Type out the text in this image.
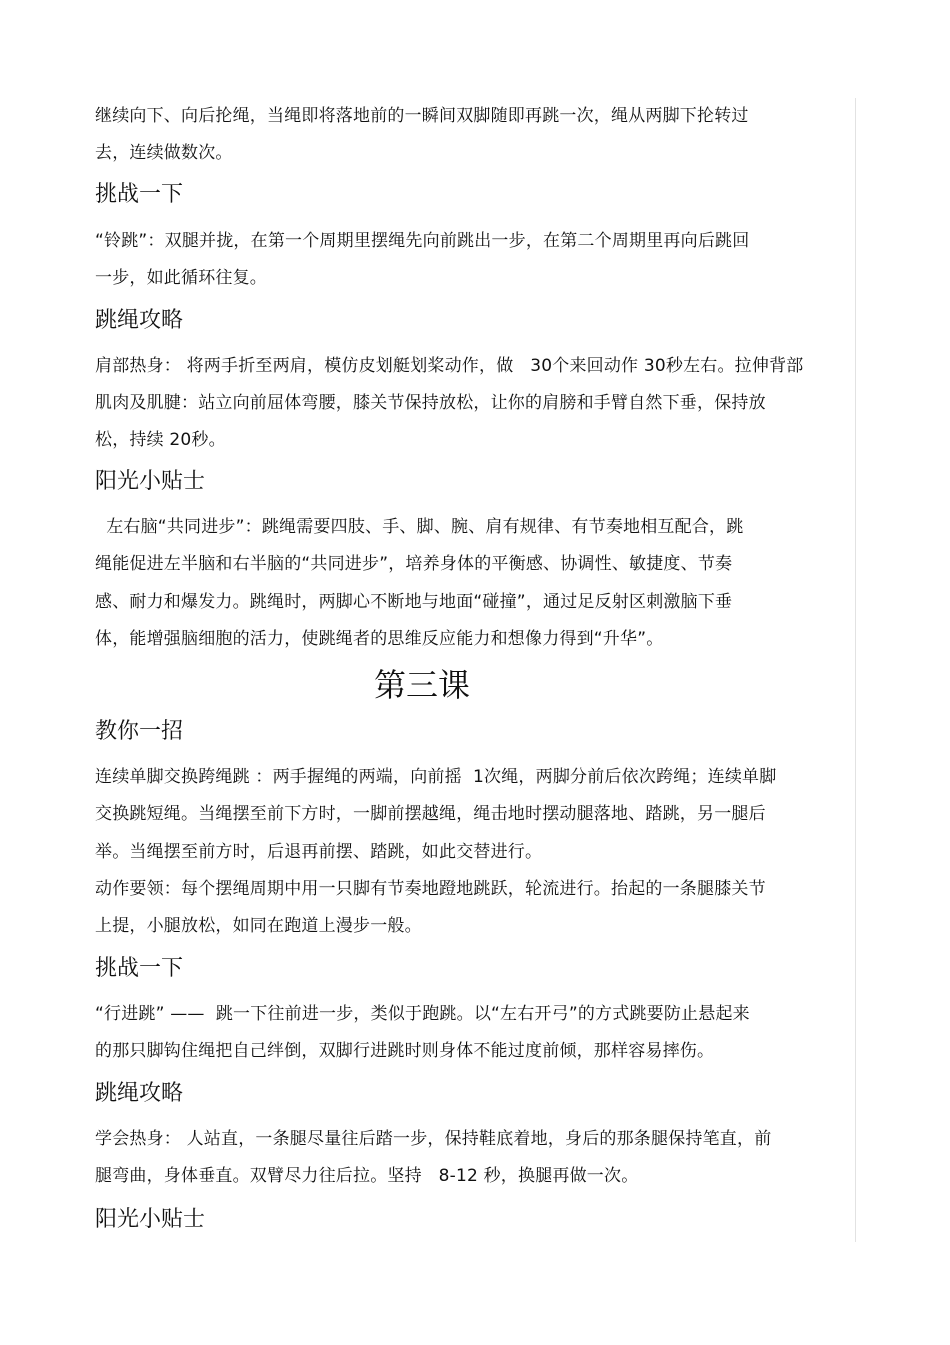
继续向下、向后抡绳，当绳即将落地前的一瞬间双脚随即再跳一次，绳从两脚下抡转过
去，连续做数次。
挑战一下
“铃跳”：双腿并拢，在第一个周期里摆绳先向前跳出一步，在第二个周期里再向后跳回
一步，如此循环往复。
跳绳攻略
肩部热身： 将两手折至两肩，模仿皮划艇划桨动作，做   30个来回动作 30秒左右。拉伸背部
肌肉及肌腱：站立向前屈体弯腰，膝关节保持放松，让你的肩膀和手臂自然下垂，保持放
松，持续 20秒。
阳光小贴士
左右脑“共同进步”：跳绳需要四肢、手、脚、腕、肩有规律、有节奏地相互配合，跳
绳能促进左半脑和右半脑的“共同进步”，培养身体的平衡感、协调性、敏捷度、节奏
感、耐力和爆发力。跳绳时，两脚心不断地与地面“碰撞”，通过足反射区刺激脑下垂
体，能增强脑细胞的活力，使跳绳者的思维反应能力和想像力得到“升华”。
第三课
教你一招
连续单脚交换跨绳跳 ：两手握绳的两端，向前摇  1次绳，两脚分前后依次跨绳；连续单脚
交换跳短绳。当绳摆至前下方时，一脚前摆越绳，绳击地时摆动腿落地、踏跳，另一腿后
举。当绳摆至前方时，后退再前摆、踏跳，如此交替进行。
动作要领：每个摆绳周期中用一只脚有节奏地蹬地跳跃，轮流进行。抬起的一条腿膝关节
上提，小腿放松，如同在跑道上漫步一般。
挑战一下
“行进跳” ——  跳一下往前进一步，类似于跑跳。以“左右开弓”的方式跳要防止悬起来
的那只脚钩住绳把自己绊倒，双脚行进跳时则身体不能过度前倾，那样容易摔伤。
跳绳攻略
学会热身： 人站直，一条腿尽量往后踏一步，保持鞋底着地，身后的那条腿保持笔直，前
腿弯曲，身体垂直。双臂尽力往后拉。坚持   8-12 秒，换腿再做一次。
阳光小贴士
